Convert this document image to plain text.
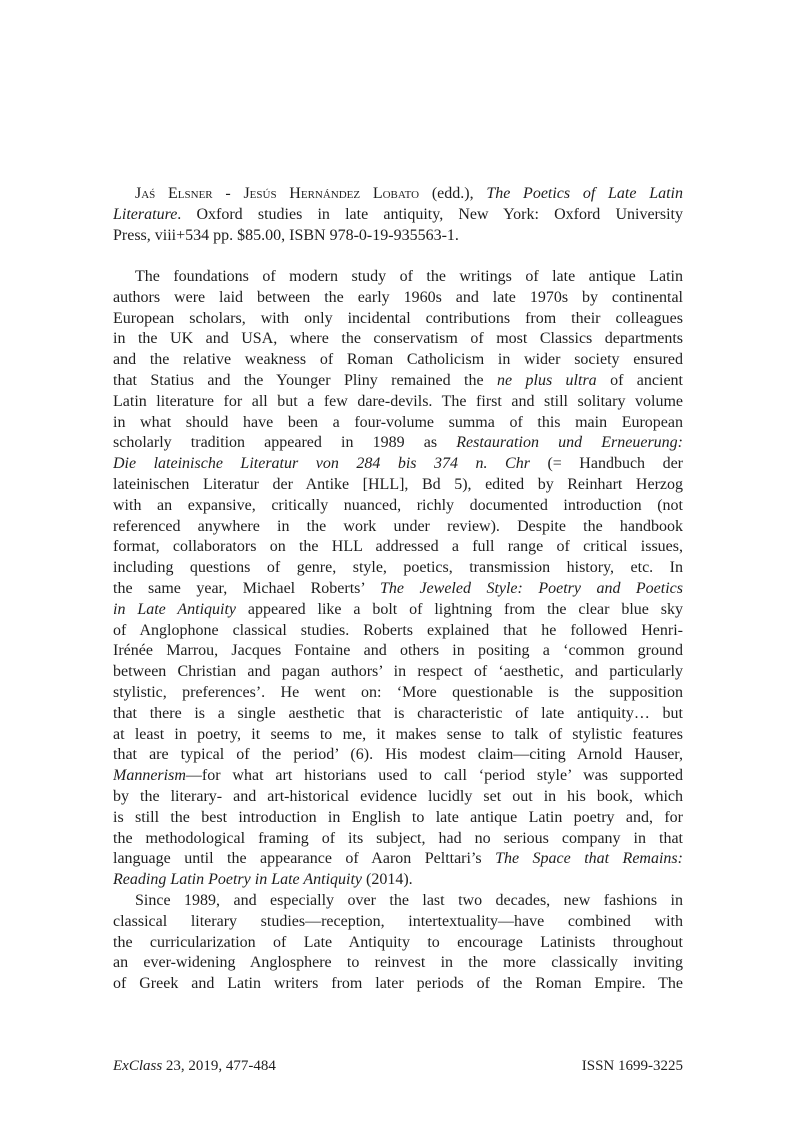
Jaś Elsner - Jesús Hernández Lobato (edd.), The Poetics of Late Latin
Literature. Oxford studies in late antiquity, New York: Oxford University
Press, viii+534 pp. $85.00, ISBN 978-0-19-935563-1.
The foundations of modern study of the writings of late antique Latin
authors were laid between the early 1960s and late 1970s by continental
European scholars, with only incidental contributions from their colleagues
in the UK and USA, where the conservatism of most Classics departments
and the relative weakness of Roman Catholicism in wider society ensured
that Statius and the Younger Pliny remained the ne plus ultra of ancient
Latin literature for all but a few dare-devils. The first and still solitary volume
in what should have been a four-volume summa of this main European
scholarly tradition appeared in 1989 as Restauration und Erneuerung:
Die lateinische Literatur von 284 bis 374 n. Chr (= Handbuch der
lateinischen Literatur der Antike [HLL], Bd 5), edited by Reinhart Herzog
with an expansive, critically nuanced, richly documented introduction (not
referenced anywhere in the work under review). Despite the handbook
format, collaborators on the HLL addressed a full range of critical issues,
including questions of genre, style, poetics, transmission history, etc. In
the same year, Michael Roberts’ The Jeweled Style: Poetry and Poetics
in Late Antiquity appeared like a bolt of lightning from the clear blue sky
of Anglophone classical studies. Roberts explained that he followed Henri-
Irénée Marrou, Jacques Fontaine and others in positing a ‘common ground
between Christian and pagan authors’ in respect of ‘aesthetic, and particularly
stylistic, preferences’. He went on: ‘More questionable is the supposition
that there is a single aesthetic that is characteristic of late antiquity… but
at least in poetry, it seems to me, it makes sense to talk of stylistic features
that are typical of the period’ (6). His modest claim—citing Arnold Hauser,
Mannerism—for what art historians used to call ‘period style’ was supported
by the literary- and art-historical evidence lucidly set out in his book, which
is still the best introduction in English to late antique Latin poetry and, for
the methodological framing of its subject, had no serious company in that
language until the appearance of Aaron Pelttari’s The Space that Remains:
Reading Latin Poetry in Late Antiquity (2014).
Since 1989, and especially over the last two decades, new fashions in
classical literary studies—reception, intertextuality—have combined with
the curricularization of Late Antiquity to encourage Latinists throughout
an ever-widening Anglosphere to reinvest in the more classically inviting
of Greek and Latin writers from later periods of the Roman Empire. The
ExClass 23, 2019, 477-484	ISSN 1699-3225
